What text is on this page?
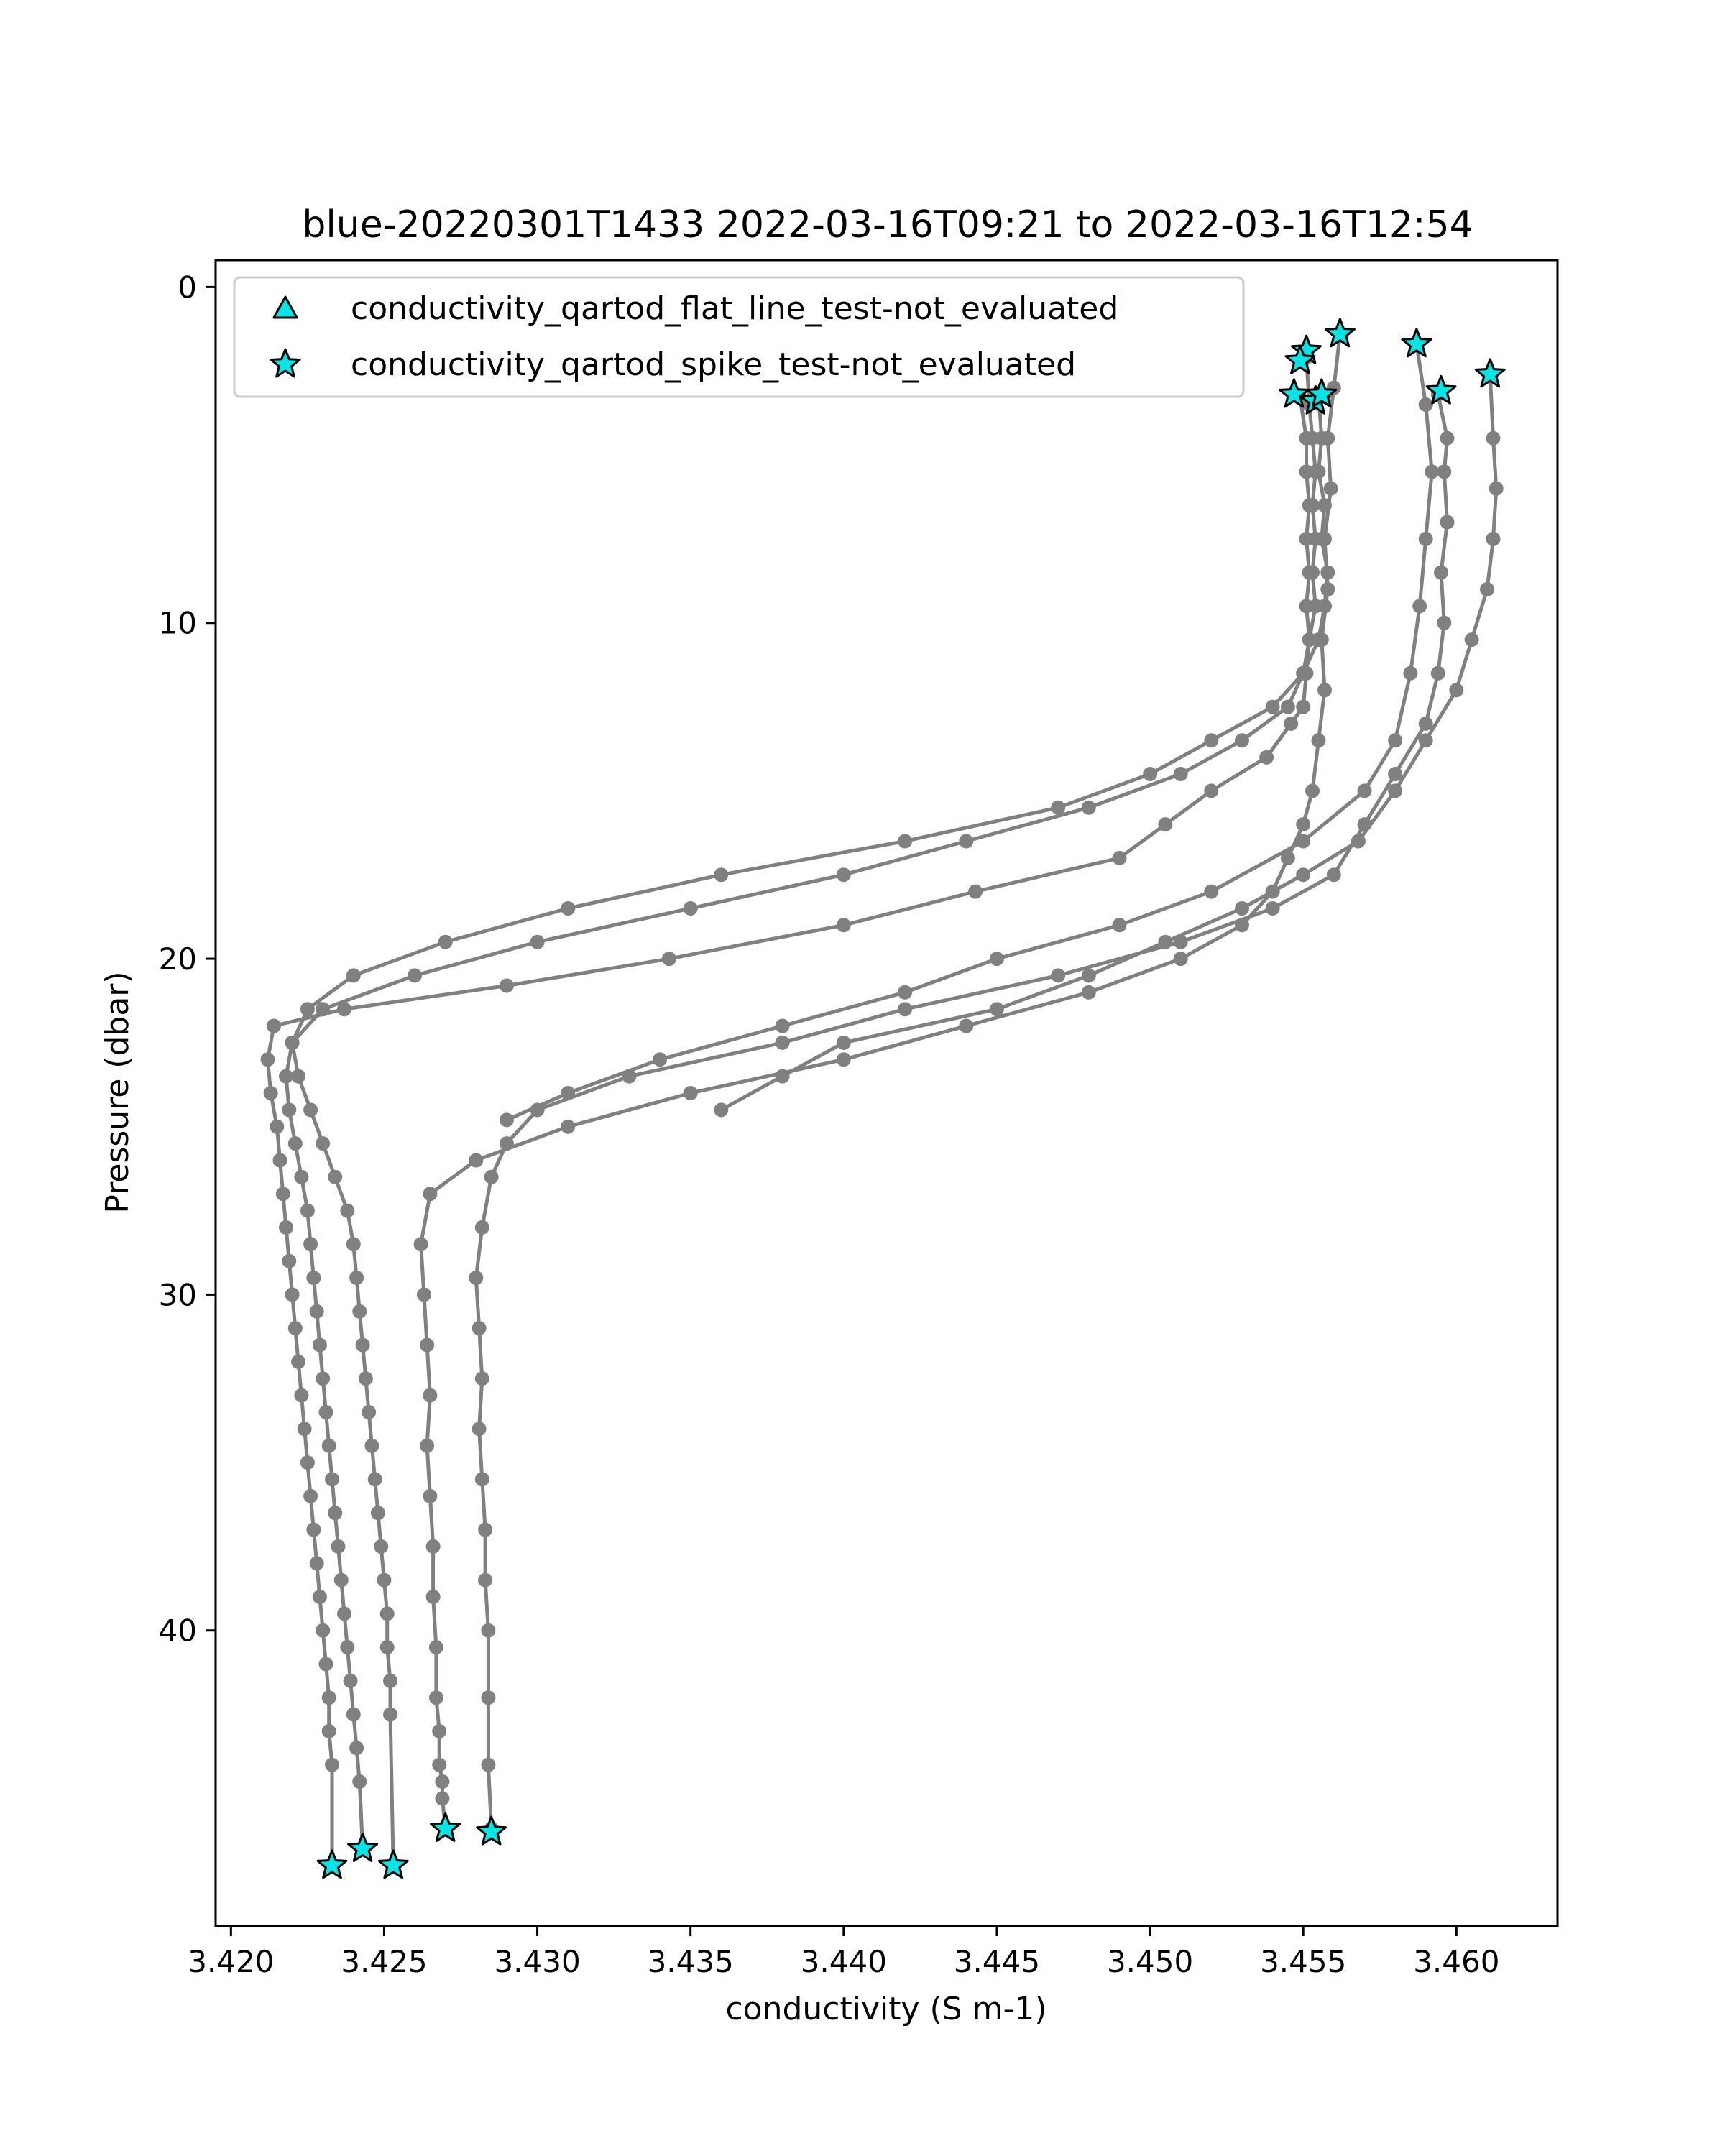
blue-20220301T1433 2022-03-16T09:21 to 2022-03-16T12:54
3.420 3.425 3.430 3.435 3.440 3.445 3.450 3.455 3.460
0
10
20
30
40
conductivity (S m-1)
Pressure (dbar)
conductivity_qartod_flat_line_test-not_evaluated
conductivity_qartod_spike_test-not_evaluated
